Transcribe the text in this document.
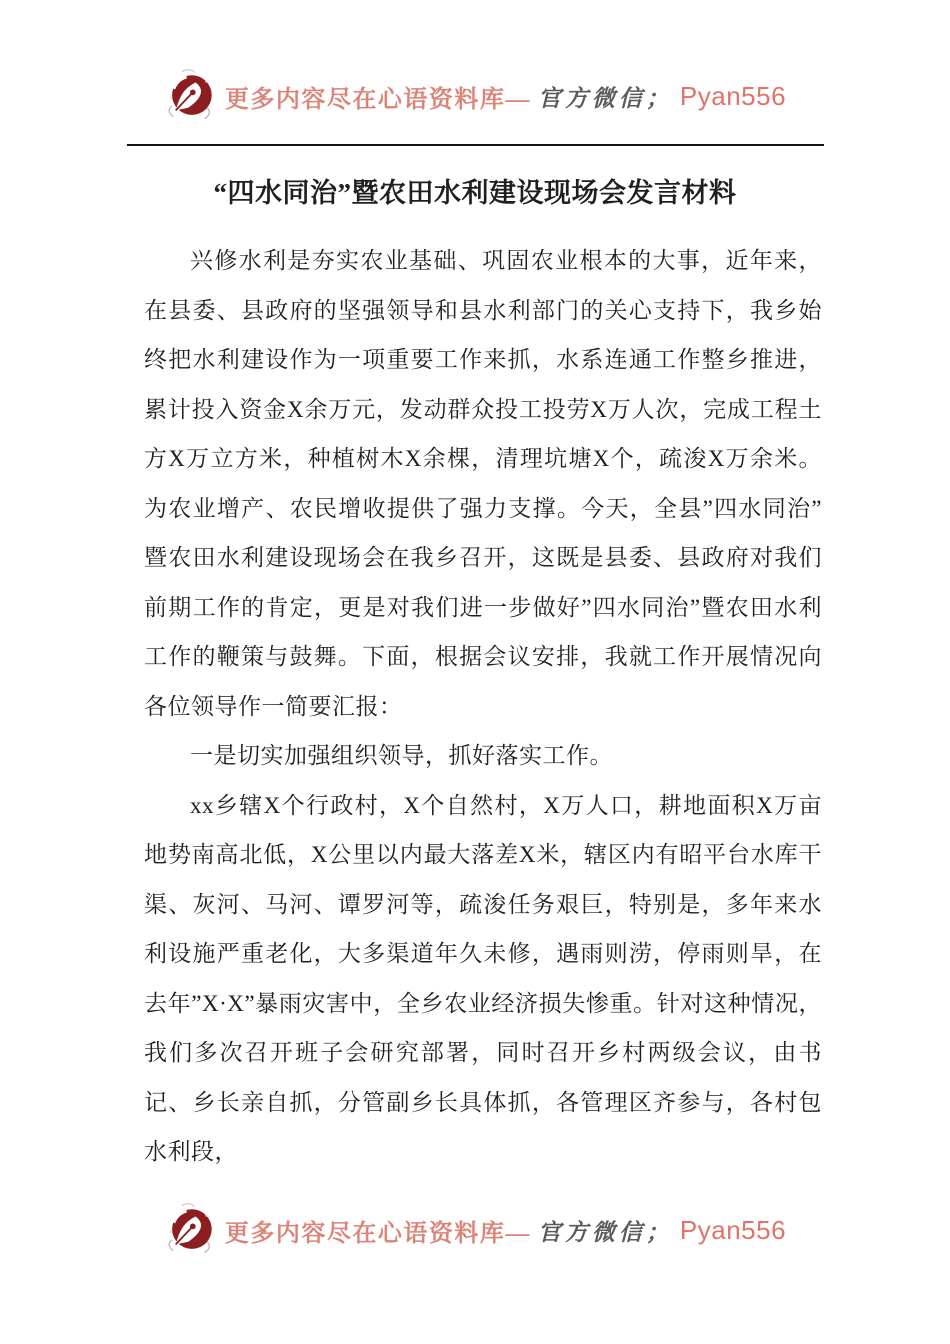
更多内容尽在心语资料库— 官方微信； Pyan556
“四水同治”暨农田水利建设现场会发言材料

兴修水利是夯实农业基础、巩固农业根本的大事，近年来，在县委、县政府的坚强领导和县水利部门的关心支持下，我乡始终把水利建设作为一项重要工作来抓，水系连通工作整乡推进，累计投入资金X余万元，发动群众投工投劳X万人次，完成工程土方X万立方米，种植树木X余棵，清理坑塘X个，疏浚X万余米。为农业增产、农民增收提供了强力支撑。今天，全县”四水同治”暨农田水利建设现场会在我乡召开，这既是县委、县政府对我们前期工作的肯定，更是对我们进一步做好”四水同治”暨农田水利工作的鞭策与鼓舞。下面，根据会议安排，我就工作开展情况向各位领导作一简要汇报：

一是切实加强组织领导，抓好落实工作。

xx乡辖X个行政村，X个自然村，X万人口，耕地面积X万亩地势南高北低，X公里以内最大落差X米，辖区内有昭平台水库干渠、灰河、马河、谭罗河等，疏浚任务艰巨，特别是，多年来水利设施严重老化，大多渠道年久未修，遇雨则涝，停雨则旱，在去年”X·X”暴雨灾害中，全乡农业经济损失惨重。针对这种情况，我们多次召开班子会研究部署，同时召开乡村两级会议，由书记、乡长亲自抓，分管副乡长具体抓，各管理区齐参与，各村包水利段，

更多内容尽在心语资料库— 官方微信； Pyan556
